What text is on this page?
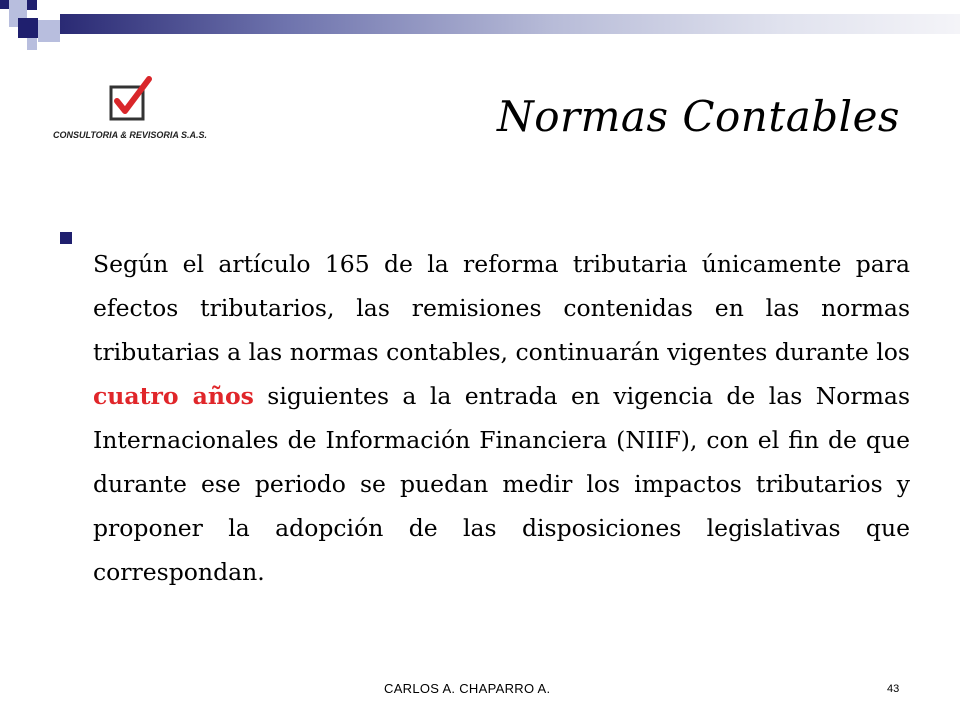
CONSULTORIA & REVISORIA S.A.S.	Normas Contables

Según el artículo 165 de la reforma tributaria únicamente para efectos tributarios, las remisiones contenidas en las normas tributarias a las normas contables, continuarán vigentes durante los cuatro años siguientes a la entrada en vigencia de las Normas Internacionales de Información Financiera (NIIF), con el fin de que durante ese periodo se puedan medir los impactos tributarios y proponer la adopción de las disposiciones legislativas que correspondan.

CARLOS A. CHAPARRO A.	43
